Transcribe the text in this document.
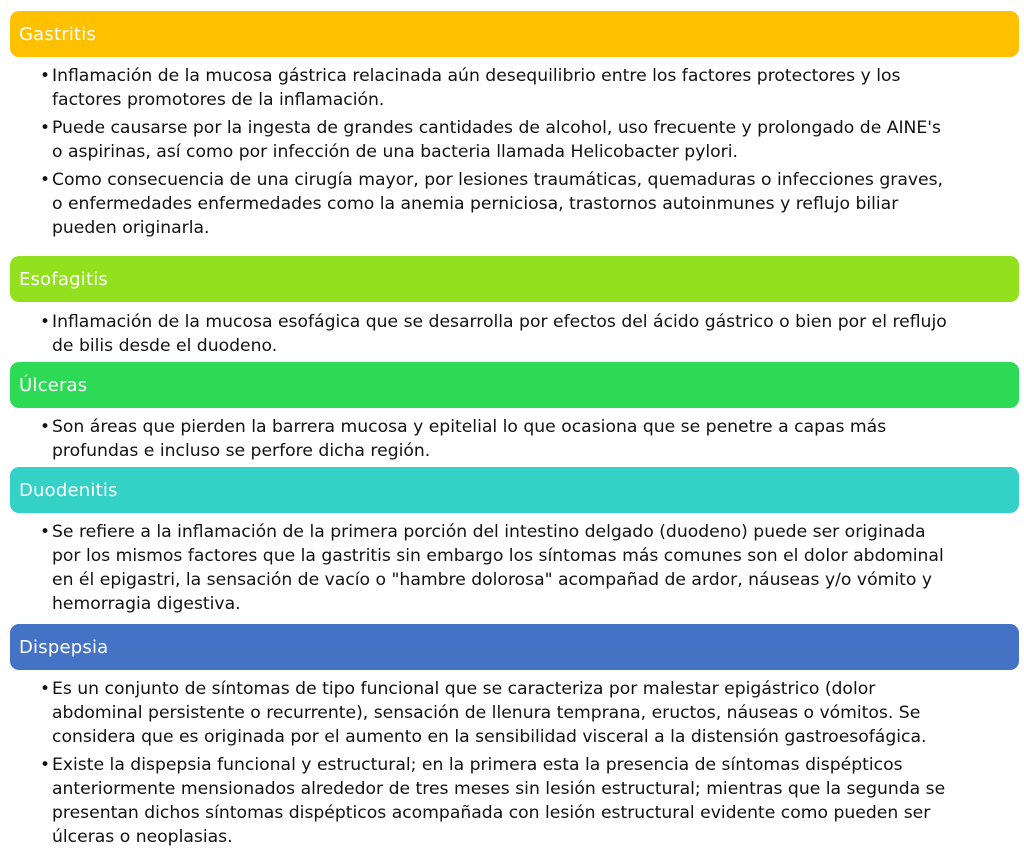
Gastritis
• Inflamación de la mucosa gástrica relacinada aún desequilibrio entre los factores protectores y los
factores promotores de la inflamación.
• Puede causarse por la ingesta de grandes cantidades de alcohol, uso frecuente y prolongado de AINE's
o aspirinas, así como por infección de una bacteria llamada Helicobacter pylori.
• Como consecuencia de una cirugía mayor, por lesiones traumáticas, quemaduras o infecciones graves,
o enfermedades enfermedades como la anemia perniciosa, trastornos autoinmunes y reflujo biliar
pueden originarla.
Esofagitis
• Inflamación de la mucosa esofágica que se desarrolla por efectos del ácido gástrico o bien por el reflujo
de bilis desde el duodeno.
Úlceras
• Son áreas que pierden la barrera mucosa y epitelial lo que ocasiona que se penetre a capas más
profundas e incluso se perfore dicha región.
Duodenitis
• Se refiere a la inflamación de la primera porción del intestino delgado (duodeno) puede ser originada
por los mismos factores que la gastritis sin embargo los síntomas más comunes son el dolor abdominal
en él epigastri, la sensación de vacío o "hambre dolorosa" acompañad de ardor, náuseas y/o vómito y
hemorragia digestiva.
Dispepsia
• Es un conjunto de síntomas de tipo funcional que se caracteriza por malestar epigástrico (dolor
abdominal persistente o recurrente), sensación de llenura temprana, eructos, náuseas o vómitos. Se
considera que es originada por el aumento en la sensibilidad visceral a la distensión gastroesofágica.
• Existe la dispepsia funcional y estructural; en la primera esta la presencia de síntomas dispépticos
anteriormente mensionados alrededor de tres meses sin lesión estructural; mientras que la segunda se
presentan dichos síntomas dispépticos acompañada con lesión estructural evidente como pueden ser
úlceras o neoplasias.
